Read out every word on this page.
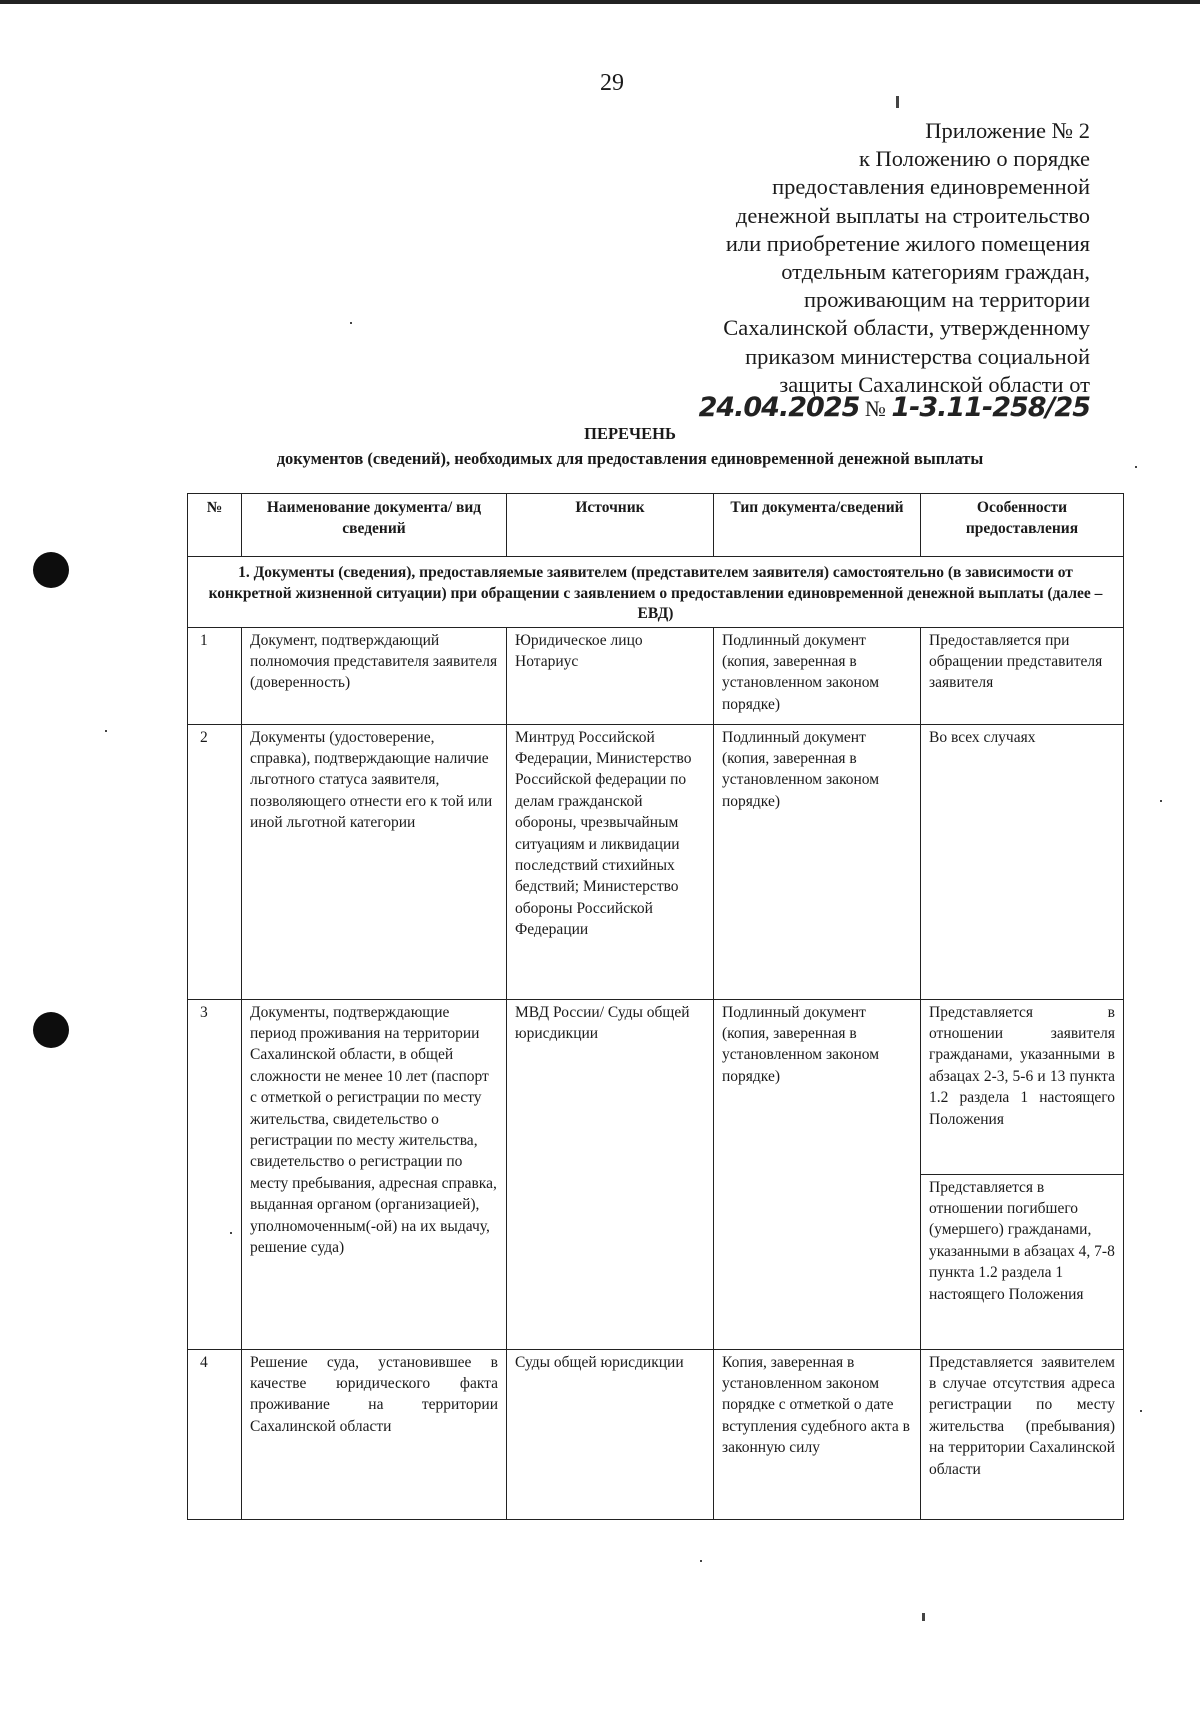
29
Приложение № 2
к Положению о порядке
предоставления единовременной
денежной выплаты на строительство
или приобретение жилого помещения
отдельным категориям граждан,
проживающим на территории
Сахалинской области, утвержденному
приказом министерства социальной
защиты Сахалинской области от
24.04.2025 № 1-3.11-258/25
ПЕРЕЧЕНЬ
документов (сведений), необходимых для предоставления единовременной денежной выплаты
№	Наименование документа/ вид сведений	Источник	Тип документа/сведений	Особенности предоставления
1. Документы (сведения), предоставляемые заявителем (представителем заявителя) самостоятельно (в зависимости от конкретной жизненной ситуации) при обращении с заявлением о предоставлении единовременной денежной выплаты (далее – ЕВД)				
1	Документ, подтверждающий полномочия представителя заявителя (доверенность)	Юридическое лицо Нотариус	Подлинный документ (копия, заверенная в установленном законом порядке)	Предоставляется при обращении представителя заявителя
2	Документы (удостоверение, справка), подтверждающие наличие льготного статуса заявителя, позволяющего отнести его к той или иной льготной категории	Минтруд Российской Федерации, Министерство Российской федерации по делам гражданской обороны, чрезвычайным ситуациям и ликвидации последствий стихийных бедствий; Министерство обороны Российской Федерации	Подлинный документ (копия, заверенная в установленном законом порядке)	Во всех случаях
3	Документы, подтверждающие период проживания на территории Сахалинской области, в общей сложности не менее 10 лет (паспорт с отметкой о регистрации по месту жительства, свидетельство о регистрации по месту жительства, свидетельство о регистрации по месту пребывания, адресная справка, выданная органом (организацией), уполномоченным(-ой) на их выдачу, решение суда)	МВД России/ Суды общей юрисдикции	Подлинный документ (копия, заверенная в установленном законом порядке)	Представляется в отношении заявителя гражданами, указанными в абзацах 2-3, 5-6 и 13 пункта 1.2 раздела 1 настоящего Положения
				Представляется в отношении погибшего (умершего) гражданами, указанными в абзацах 4, 7-8 пункта 1.2 раздела 1 настоящего Положения
4	Решение суда, установившее в качестве юридического факта проживание на территории Сахалинской области	Суды общей юрисдикции	Копия, заверенная в установленном законом порядке с отметкой о дате вступления судебного акта в законную силу	Представляется заявителем в случае отсутствия адреса регистрации по месту жительства (пребывания) на территории Сахалинской области
